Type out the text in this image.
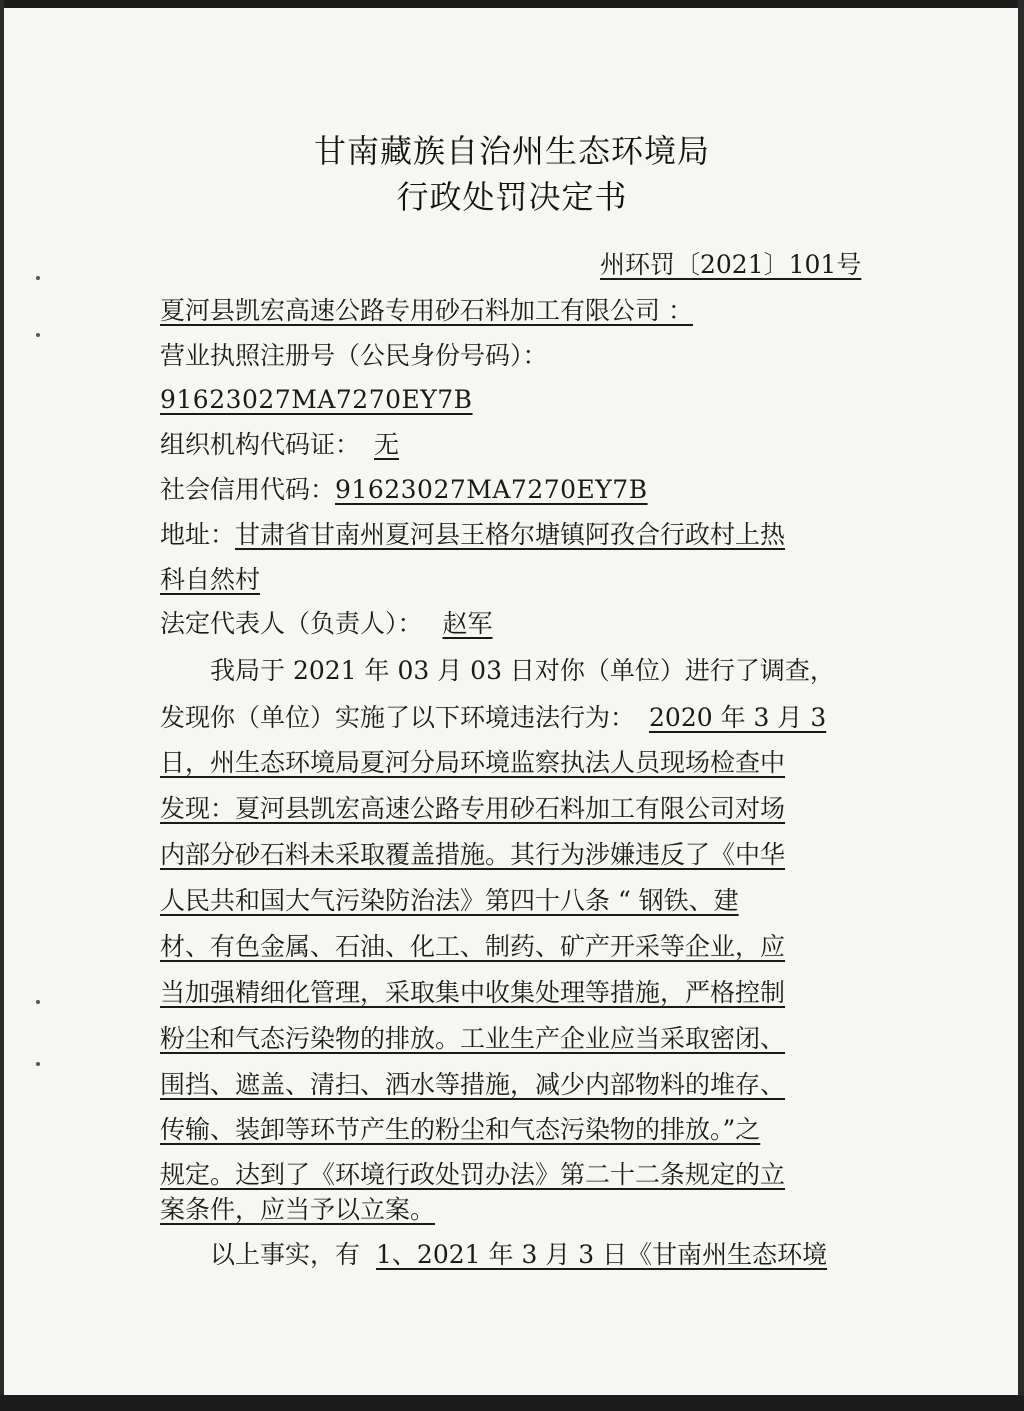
甘南藏族自治州生态环境局
行政处罚决定书
州环罚〔2021〕101号
夏河县凯宏高速公路专用砂石料加工有限公司 ：
营业执照注册号（公民身份号码）：
91623027MA7270EY7B
组织机构代码证： 无
社会信用代码：91623027MA7270EY7B
地址：甘肃省甘南州夏河县王格尔塘镇阿孜合行政村上热
科自然村
法定代表人（负责人）： 赵军
我局于 2021 年 03 月 03 日对你（单位）进行了调查，
发现你（单位）实施了以下环境违法行为： 2020 年 3 月 3
日，州生态环境局夏河分局环境监察执法人员现场检查中
发现：夏河县凯宏高速公路专用砂石料加工有限公司对场
内部分砂石料未采取覆盖措施。其行为涉嫌违反了《中华
人民共和国大气污染防治法》第四十八条 “ 钢铁、建
材、有色金属、石油、化工、制药、矿产开采等企业，应
当加强精细化管理，采取集中收集处理等措施，严格控制
粉尘和气态污染物的排放。工业生产企业应当采取密闭、
围挡、遮盖、清扫、洒水等措施，减少内部物料的堆存、
传输、装卸等环节产生的粉尘和气态污染物的排放。”之
规定。达到了《环境行政处罚办法》第二十二条规定的立
案条件，应当予以立案。
以上事实，有 1、2021 年 3 月 3 日《甘南州生态环境
